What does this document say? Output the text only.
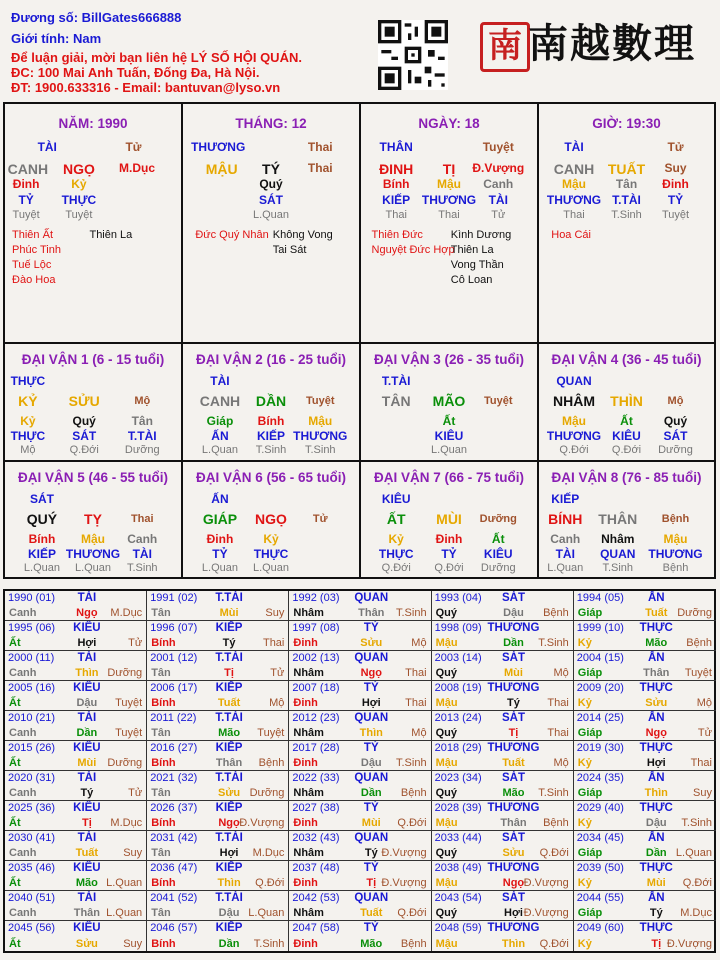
Đương số: BillGates666888
Giới tính: Nam
Để luận giải, mời bạn liên hệ LÝ SỐ HỘI QUÁN.
ĐC: 100 Mai Anh Tuấn, Đống Đa, Hà Nội.
ĐT: 1900.633316 - Email: bantuvan@lyso.vn
南 南越數理
NĂM: 1990
TÀI	Tử
CANH NGỌ M.Dục
Đinh	Kỷ
TỶ THỰC
Tuyệt Tuyệt
Thiên Ất	Thiên La
Phúc Tinh
Tuế Lộc
Đào Hoa
THÁNG: 12
THƯƠNG	Thai
MẬU TÝ Thai
Quý
SÁT
L.Quan
Đức Quý Nhân Không Vong
Tai Sát
NGÀY: 18
THÂN	Tuyệt
ĐINH TỊ Đ.Vượng
Bính Mậu Canh
KIẾP THƯƠNG TÀI
Thai	Thai	Tử
Thiên Đức	Kình Dương
Nguyệt Đức Hợp
Thiên La
Vong Thần
Cô Loan
GIỜ: 19:30
TÀI	Tử
CANH TUẤT Suy
Mậu Tân Đinh
THƯƠNG T.TÀI TỶ
Thai T.Sinh Tuyệt
Hoa Cái
ĐẠI VẬN 1 (6 - 15 tuổi)
THỰC
KỶ SỬU	Mộ
Kỷ	Quý	Tân
THỰC SÁT	T.TÀI
Mộ	Q.Đới Dưỡng
ĐẠI VẬN 2 (16 - 25 tuổi)
TÀI
CANH DẦN Tuyệt
Giáp Bính Mậu
ẤN KIẾP THƯƠNG
L.Quan T.Sinh T.Sinh
ĐẠI VẬN 3 (26 - 35 tuổi)
T.TÀI
TÂN MÃO Tuyệt
Ất
KIÊU
L.Quan
ĐẠI VẬN 4 (36 - 45 tuổi)
QUAN
NHÂM THÌN Mộ
Mậu	Ất	Quý
THƯƠNG KIÊU SÁT
Q.Đới Q.Đới Dưỡng
ĐẠI VẬN 5 (46 - 55 tuổi)
SÁT
QUÝ TỴ	Thai
Bính Mậu Canh
KIẾP THƯƠNG TÀI
L.Quan L.Quan T.Sinh
ĐẠI VẬN 6 (56 - 65 tuổi)
ẤN
GIÁP NGỌ Tử
Đinh	Kỷ
TỶ THỰC
L.Quan L.Quan
ĐẠI VẬN 7 (66 - 75 tuổi)
KIÊU
ẤT MÙI Dưỡng
Kỷ	Đinh Ất
THỰC TỶ KIÊU
Q.Đới Q.Đới Dưỡng
ĐẠI VẬN 8 (76 - 85 tuổi)
KIẾP
BÍNH THÂN Bệnh
Canh Nhâm Mậu
TÀI QUAN THƯƠNG
L.Quan T.Sinh	Bệnh
1990 (01) TÀI
Canh	Ngọ M.Dục
1991 (02) T.TÀI
Tân	Mùi Suy
1992 (03) QUAN
Nhâm	Thân T.Sinh
1993 (04) SÁT
Quý	Dậu Bệnh
1994 (05) ẤN
Giáp	Tuất Dưỡng
1995 (06) KIÊU
Ất	Hợi	Tử
1996 (07) KIẾP
Bính	Tý Thai
1997 (08) TỶ
Đinh	Sửu	Mộ
1998 (09) THƯƠNG
Mậu	Dần T.Sinh
1999 (10) THỰC
Kỷ	Mão Bệnh
2000 (11) TÀI
Canh	Thìn Dưỡng
2001 (12) T.TÀI
Tân	Tị	Tử
2002 (13) QUAN
Nhâm	Ngọ Thai
2003 (14) SÁT
Quý	Mùi	Mộ
2004 (15) ẤN
Giáp	Thân Tuyệt
2005 (16) KIÊU
Ất	Dậu Tuyệt
2006 (17) KIẾP
Bính	Tuất	Mộ
2007 (18) TỶ
Đinh	Hợi Thai
2008 (19) THƯƠNG
Mậu	Tý Thai
2009 (20) THỰC
Kỷ	Sửu	Mộ
2010 (21) TÀI
Canh	Dần Tuyệt
2011 (22) T.TÀI
Tân	Mão Tuyệt
2012 (23) QUAN
Nhâm	Thìn	Mộ
2013 (24) SÁT
Quý	Tị	Thai
2014 (25) ẤN
Giáp	Ngọ	Tử
2015 (26) KIÊU
Ất	Mùi Dưỡng
2016 (27) KIẾP
Bính	Thân Bệnh
2017 (28) TỶ
Đinh	Dậu T.Sinh
2018 (29) THƯƠNG
Mậu	Tuất	Mộ
2019 (30) THỰC
Kỷ	Hợi Thai
2020 (31) TÀI
Canh	Tý	Tử
2021 (32) T.TÀI
Tân	Sửu Dưỡng
2022 (33) QUAN
Nhâm	Dần Bệnh
2023 (34) SÁT
Quý	Mão T.Sinh
2024 (35) ẤN
Giáp	Thìn Suy
2025 (36) KIÊU
Ất	Tị M.Dục
2026 (37) KIẾP
Bính	Ngọ Đ.Vượng
2027 (38) TỶ
Đinh	Mùi Q.Đới
2028 (39) THƯƠNG
Mậu	Thân Bệnh
2029 (40) THỰC
Kỷ	Dậu T.Sinh
2030 (41) TÀI
Canh	Tuất Suy
2031 (42) T.TÀI
Tân	Hợi M.Dục
2032 (43) QUAN
Nhâm	Tý Đ.Vượng
2033 (44) SÁT
Quý	Sửu Q.Đới
2034 (45) ẤN
Giáp	Dần L.Quan
2035 (46) KIÊU
Ất	Mão L.Quan
2036 (47) KIẾP
Bính	Thìn Q.Đới
2037 (48) TỶ
Đinh	Tị Đ.Vượng
2038 (49) THƯƠNG
Mậu	Ngọ Đ.Vượng
2039 (50) THỰC
Kỷ	Mùi Q.Đới
2040 (51) TÀI
Canh	Thân L.Quan
2041 (52) T.TÀI
Tân	Dậu L.Quan
2042 (53) QUAN
Nhâm	Tuất Q.Đới
2043 (54) SÁT
Quý	Hợi Đ.Vượng
2044 (55) ẤN
Giáp	Tý M.Dục
2045 (56) KIÊU
Ất	Sửu Suy
2046 (57) KIẾP
Bính	Dần T.Sinh
2047 (58) TỶ
Đinh	Mão Bệnh
2048 (59) THƯƠNG
Mậu	Thìn Q.Đới
2049 (60) THỰC
Kỷ	Tị Đ.Vượng
